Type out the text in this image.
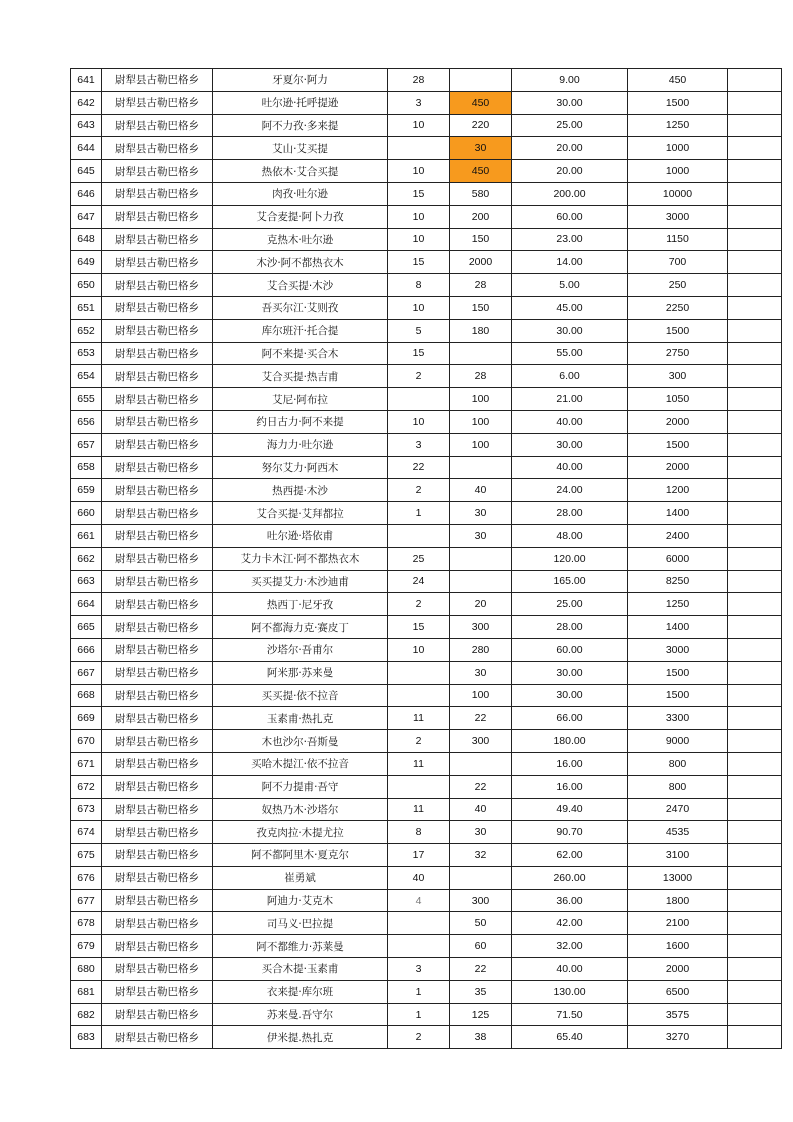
641	尉犁县古勒巴格乡	牙夏尔·阿力	28		9.00	450	
642	尉犁县古勒巴格乡	吐尔逊·托呼提逊	3	450	30.00	1500	
643	尉犁县古勒巴格乡	阿不力孜·多来提	10	220	25.00	1250	
644	尉犁县古勒巴格乡	艾山·艾买提		30	20.00	1000	
645	尉犁县古勒巴格乡	热依木·艾合买提	10	450	20.00	1000	
646	尉犁县古勒巴格乡	肉孜·吐尔逊	15	580	200.00	10000	
647	尉犁县古勒巴格乡	艾合麦提·阿卜力孜	10	200	60.00	3000	
648	尉犁县古勒巴格乡	克热木·吐尔逊	10	150	23.00	1150	
649	尉犁县古勒巴格乡	木沙·阿不都热衣木	15	2000	14.00	700	
650	尉犁县古勒巴格乡	艾合买提·木沙	8	28	5.00	250	
651	尉犁县古勒巴格乡	吾买尔江·艾则孜	10	150	45.00	2250	
652	尉犁县古勒巴格乡	库尔班汗·托合提	5	180	30.00	1500	
653	尉犁县古勒巴格乡	阿不来提·买合木	15		55.00	2750	
654	尉犁县古勒巴格乡	艾合买提·热吉甫	2	28	6.00	300	
655	尉犁县古勒巴格乡	艾尼·阿布拉		100	21.00	1050	
656	尉犁县古勒巴格乡	约日古力·阿不来提	10	100	40.00	2000	
657	尉犁县古勒巴格乡	海力力·吐尔逊	3	100	30.00	1500	
658	尉犁县古勒巴格乡	努尔艾力·阿西木	22		40.00	2000	
659	尉犁县古勒巴格乡	热西提·木沙	2	40	24.00	1200	
660	尉犁县古勒巴格乡	艾合买提·艾拜都拉	1	30	28.00	1400	
661	尉犁县古勒巴格乡	吐尔逊·塔依甫		30	48.00	2400	
662	尉犁县古勒巴格乡	艾力卡木江·阿不都热衣木	25		120.00	6000	
663	尉犁县古勒巴格乡	买买提艾力·木沙迪甫	24		165.00	8250	
664	尉犁县古勒巴格乡	热西丁·尼牙孜	2	20	25.00	1250	
665	尉犁县古勒巴格乡	阿不都海力克·赛皮丁	15	300	28.00	1400	
666	尉犁县古勒巴格乡	沙塔尔·吾甫尔	10	280	60.00	3000	
667	尉犁县古勒巴格乡	阿米那·苏来曼		30	30.00	1500	
668	尉犁县古勒巴格乡	买买提·依不拉音		100	30.00	1500	
669	尉犁县古勒巴格乡	玉素甫·热扎克	11	22	66.00	3300	
670	尉犁县古勒巴格乡	木也沙尔·吾斯曼	2	300	180.00	9000	
671	尉犁县古勒巴格乡	买哈木提江·依不拉音	11		16.00	800	
672	尉犁县古勒巴格乡	阿不力提甫·吾守		22	16.00	800	
673	尉犁县古勒巴格乡	奴热乃木·沙塔尔	11	40	49.40	2470	
674	尉犁县古勒巴格乡	孜克肉拉·木提尤拉	8	30	90.70	4535	
675	尉犁县古勒巴格乡	阿不都阿里木·夏克尔	17	32	62.00	3100	
676	尉犁县古勒巴格乡	崔勇斌	40		260.00	13000	
677	尉犁县古勒巴格乡	阿迪力·艾克木	4	300	36.00	1800	
678	尉犁县古勒巴格乡	司马义·巴拉提		50	42.00	2100	
679	尉犁县古勒巴格乡	阿不都维力·苏莱曼		60	32.00	1600	
680	尉犁县古勒巴格乡	买合木提·玉素甫	3	22	40.00	2000	
681	尉犁县古勒巴格乡	衣来提·库尔班	1	35	130.00	6500	
682	尉犁县古勒巴格乡	苏来曼.吾守尔	1	125	71.50	3575	
683	尉犁县古勒巴格乡	伊米提.热扎克	2	38	65.40	3270	
